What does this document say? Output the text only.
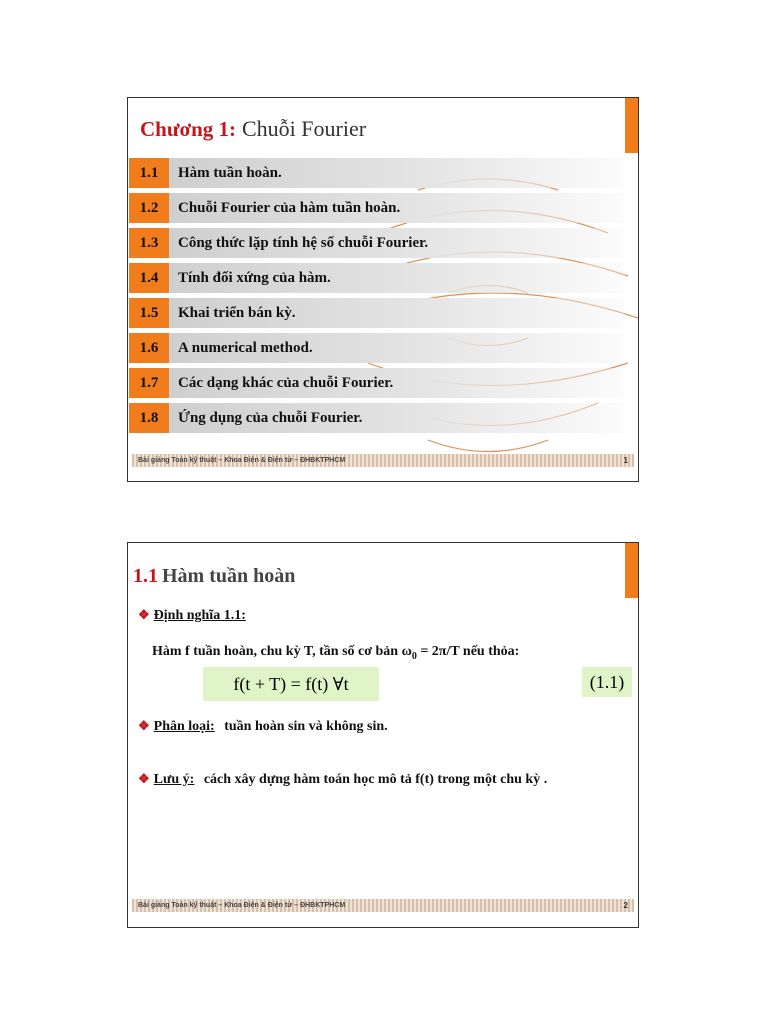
Chương 1: Chuỗi Fourier
1.1	Hàm tuần hoàn.
1.2	Chuỗi Fourier của hàm tuần hoàn.
1.3	Công thức lặp tính hệ số chuỗi Fourier.
1.4	Tính đối xứng của hàm.
1.5	Khai triển bán kỳ.
1.6	A numerical method.
1.7	Các dạng khác của chuỗi Fourier.
1.8	Ứng dụng của chuỗi Fourier.
Bài giảng Toán kỹ thuật – Khoa Điện & Điện tử – ĐHBKTPHCM	1
1.1 Hàm tuần hoàn
❖ Định nghĩa 1.1:
Hàm f tuần hoàn, chu kỳ T, tần số cơ bản $\omega_0 = 2\pi/T$ nếu thỏa:
f(t + T) = f(t) ∀t	(1.1)
❖ Phân loại: tuần hoàn sin và không sin.
❖ Lưu ý: cách xây dựng hàm toán học mô tả f(t) trong một chu kỳ .
Bài giảng Toán kỹ thuật – Khoa Điện & Điện tử – ĐHBKTPHCM	2
